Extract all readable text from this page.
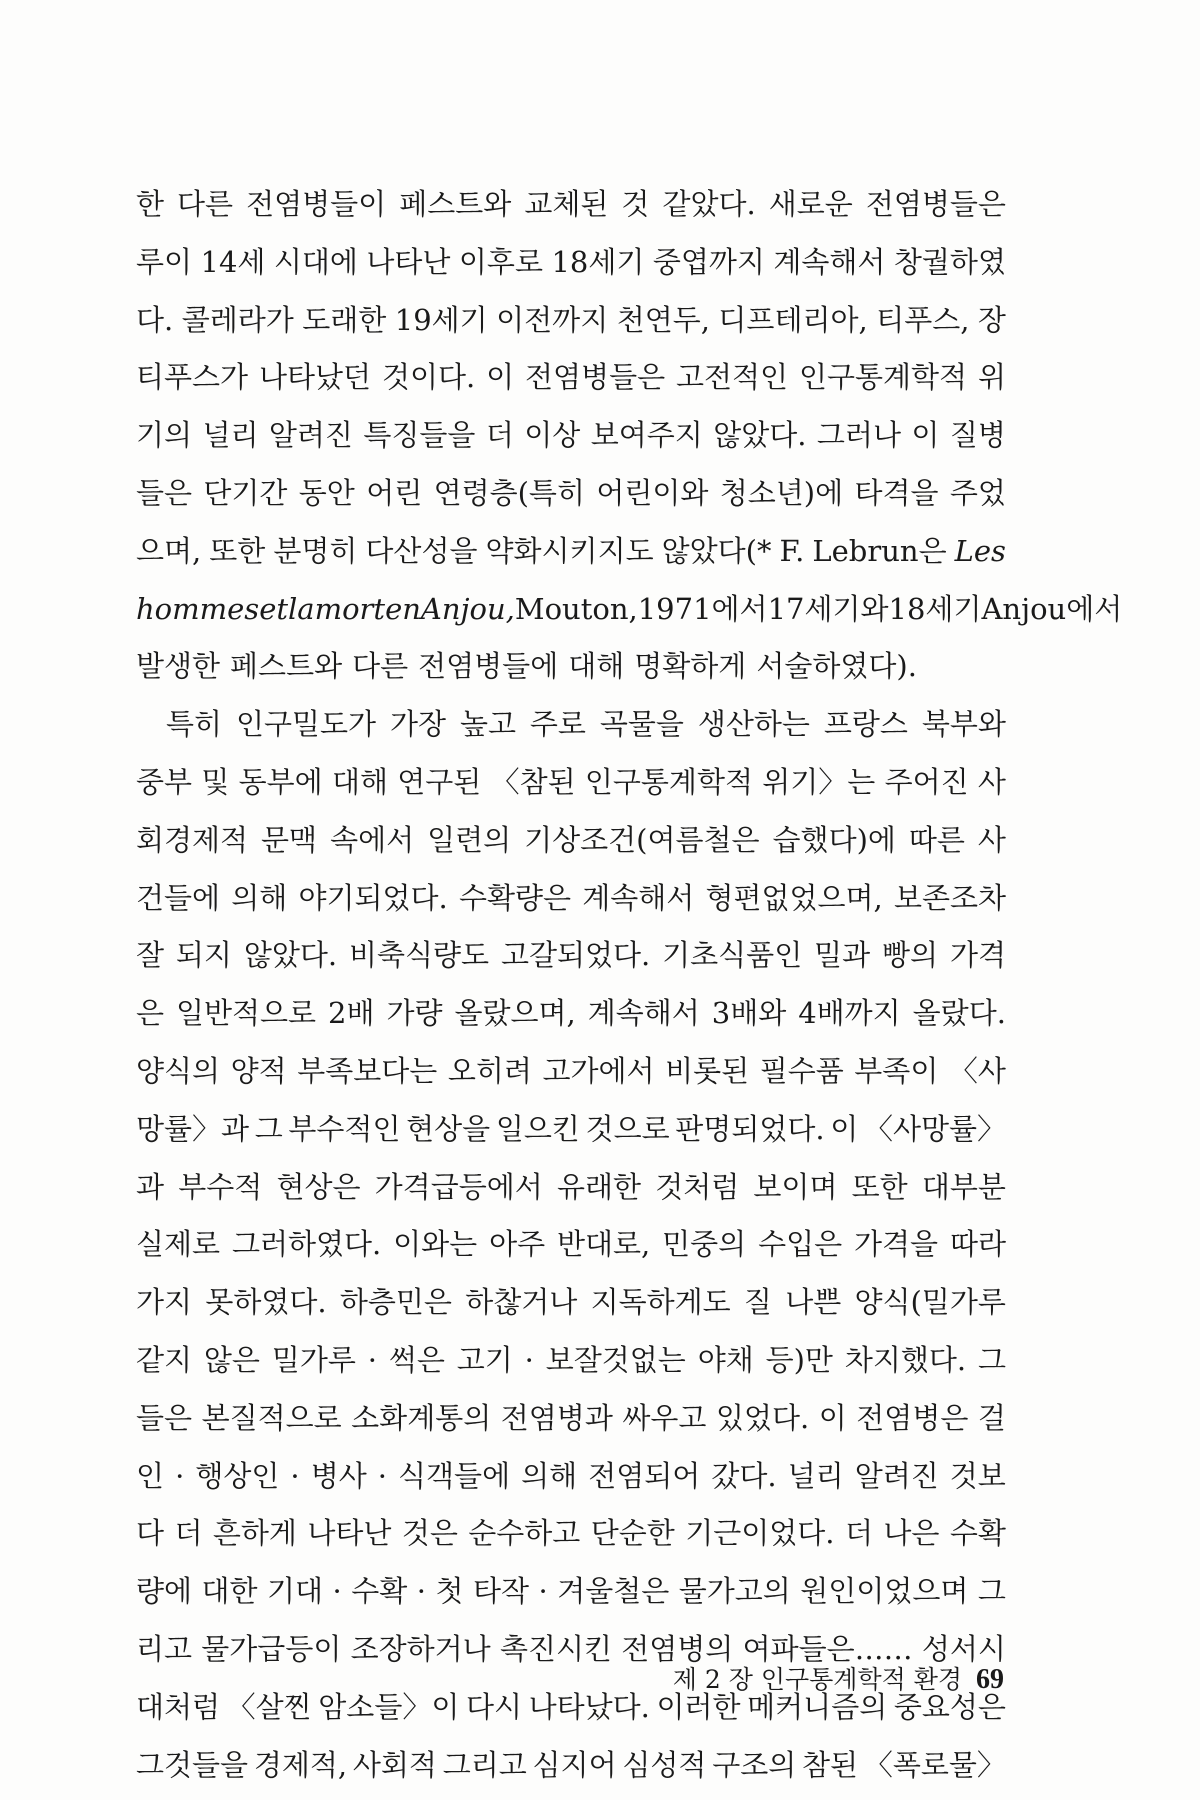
한 다른 전염병들이 페스트와 교체된 것 같았다. 새로운 전염병들은
루이 14세 시대에 나타난 이후로 18세기 중엽까지 계속해서 창궐하였
다. 콜레라가 도래한 19세기 이전까지 천연두, 디프테리아, 티푸스, 장
티푸스가 나타났던 것이다. 이 전염병들은 고전적인 인구통계학적 위
기의 널리 알려진 특징들을 더 이상 보여주지 않았다. 그러나 이 질병
들은 단기간 동안 어린 연령층(특히 어린이와 청소년)에 타격을 주었
으며, 또한 분명히 다산성을 약화시키지도 않았다(* F. Lebrun은 Les
hommes et la mort en Anjou, Mouton, 1971에서 17세기와 18세기 Anjou에서
발생한 페스트와 다른 전염병들에 대해 명확하게 서술하였다).
특히 인구밀도가 가장 높고 주로 곡물을 생산하는 프랑스 북부와
중부 및 동부에 대해 연구된 〈참된 인구통계학적 위기〉는 주어진 사
회경제적 문맥 속에서 일련의 기상조건(여름철은 습했다)에 따른 사
건들에 의해 야기되었다. 수확량은 계속해서 형편없었으며, 보존조차
잘 되지 않았다. 비축식량도 고갈되었다. 기초식품인 밀과 빵의 가격
은 일반적으로 2배 가량 올랐으며, 계속해서 3배와 4배까지 올랐다.
양식의 양적 부족보다는 오히려 고가에서 비롯된 필수품 부족이 〈사
망률〉과 그 부수적인 현상을 일으킨 것으로 판명되었다. 이 〈사망률〉
과 부수적 현상은 가격급등에서 유래한 것처럼 보이며 또한 대부분
실제로 그러하였다. 이와는 아주 반대로, 민중의 수입은 가격을 따라
가지 못하였다. 하층민은 하찮거나 지독하게도 질 나쁜 양식(밀가루
같지 않은 밀가루 · 썩은 고기 · 보잘것없는 야채 등)만 차지했다. 그
들은 본질적으로 소화계통의 전염병과 싸우고 있었다. 이 전염병은 걸
인 · 행상인 · 병사 · 식객들에 의해 전염되어 갔다. 널리 알려진 것보
다 더 흔하게 나타난 것은 순수하고 단순한 기근이었다. 더 나은 수확
량에 대한 기대 · 수확 · 첫 타작 · 겨울철은 물가고의 원인이었으며 그
리고 물가급등이 조장하거나 촉진시킨 전염병의 여파들은…… 성서시
대처럼 〈살찐 암소들〉이 다시 나타났다. 이러한 메커니즘의 중요성은
그것들을 경제적, 사회적 그리고 심지어 심성적 구조의 참된 〈폭로물〉
제 2 장 인구통계학적 환경 69
